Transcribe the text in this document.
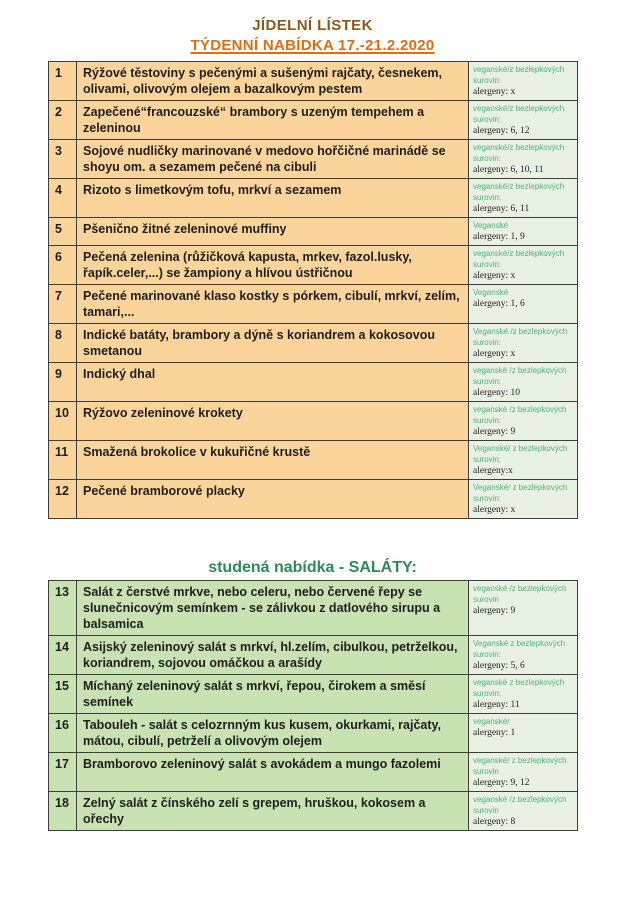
JÍDELNÍ LÍSTEK
TÝDENNÍ NABÍDKA 17.-21.2.2020
1	Rýžové těstoviny s pečenými a sušenými rajčaty, česnekem, olivami, olivovým olejem a bazalkovým pestem	veganské/z bezlepkových surovin:
alergeny: x

2	Zapečené“francouzské“ brambory s uzeným tempehem a zeleninou	veganské/z bezlepkových surovin:
alergeny: 6, 12

3	Sojové nudličky marinované v medovo hořčičné marinádě se shoyu om. a sezamem pečené na cibuli	veganské/z bezlepkových surovin:
alergeny: 6, 10, 11

4	Rizoto s limetkovým tofu, mrkví a sezamem	veganské/z bezlepkových surovin:
alergeny: 6, 11

5	Pšenično žitné zeleninové muffiny	Veganské
alergeny: 1, 9

6	Pečená zelenina (růžičková kapusta, mrkev, fazol.lusky, řapík.celer,...) se žampiony a hlívou ústřičnou	veganské/z bezlepkových surovin:
alergeny: x

7	Pečené marinované klaso kostky s pórkem, cibulí, mrkví, zelím, tamari,...	Veganské
alergeny: 1, 6

8	Indické batáty, brambory a dýně s koriandrem a kokosovou smetanou	Veganské /z bezlepkových surovin:
alergeny: x

9	Indický dhal	veganské /z bezlepkových surovin:
alergeny: 10

10	Rýžovo zeleninové krokety	veganské /z bezlepkových surovin:
alergeny: 9

11	Smažená brokolice v kukuřičné krustě	Veganské/ z bezlepkových surovin:
alergeny:x

12	Pečené bramborové placky	Veganské/ z bezlepkových surovin:
alergeny: x
studená nabídka - SALÁTY:
13	Salát z čerstvé mrkve, nebo celeru, nebo červené řepy se slunečnicovým semínkem - se zálivkou z datlového sirupu a balsamica	veganské /z bezlepkových surovin
alergeny: 9

14	Asijský zeleninový salát s mrkví, hl.zelím, cibulkou, petrželkou, koriandrem, sojovou omáčkou a arašídy	Veganské z bezlepkových surovin:
alergeny: 5, 6

15	Míchaný zeleninový salát s mrkví, řepou, čirokem a směsí semínek	veganské z bezlepkových surovin:
alergeny: 11

16	Tabouleh - salát s celozrnným kus kusem, okurkami, rajčaty, mátou, cibulí, petrželí a olivovým olejem	veganské/
alergeny: 1

17	Bramborovo zeleninový salát s avokádem a mungo fazolemi	veganské/ z bezlepkových surovin
alergeny: 9, 12

18	Zelný salát z čínského zelí s grepem, hruškou, kokosem a ořechy	veganské /z bezlepkových surovin
alergeny: 8
